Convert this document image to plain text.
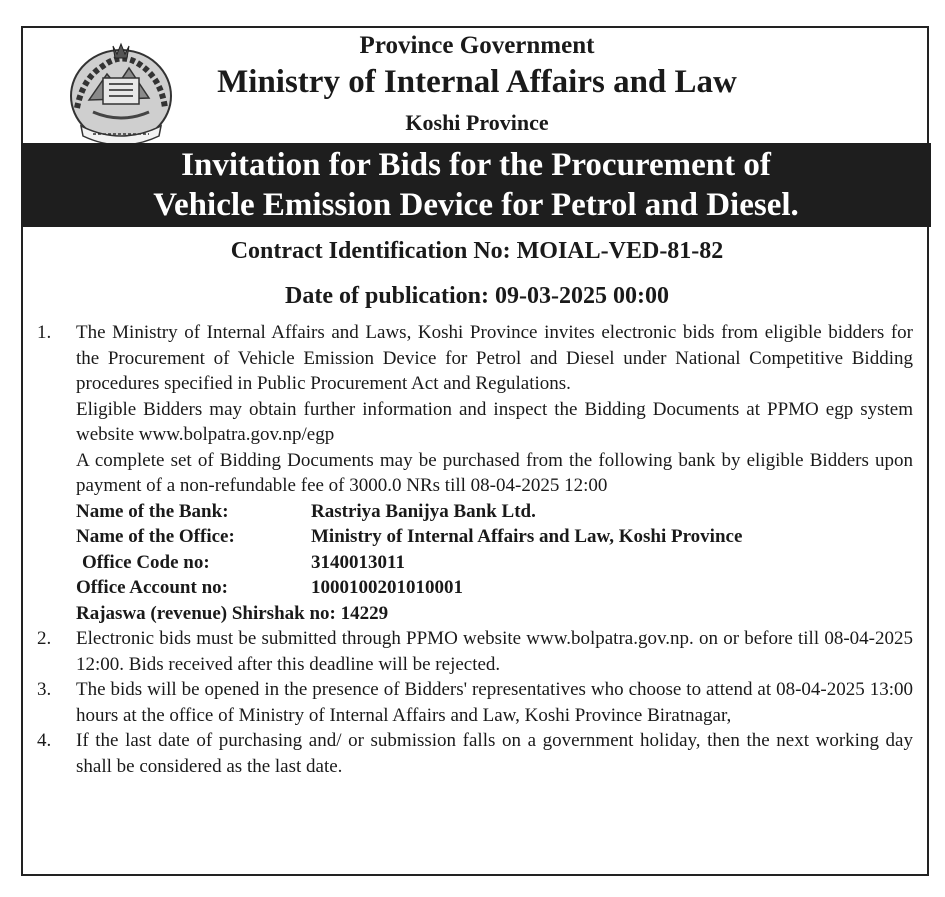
Province Government
Ministry of Internal Affairs and Law
Koshi Province
Invitation for Bids for the Procurement of
Vehicle Emission Device for Petrol and Diesel.
Contract Identification No: MOIAL-VED-81-82
Date of publication: 09-03-2025 00:00
1. The Ministry of Internal Affairs and Laws, Koshi Province invites electronic bids from eligible bidders for the Procurement of Vehicle Emission Device for Petrol and Diesel under National Competitive Bidding procedures specified in Public Procurement Act and Regulations.
Eligible Bidders may obtain further information and inspect the Bidding Documents at PPMO egp system website www.bolpatra.gov.np/egp
A complete set of Bidding Documents may be purchased from the following bank by eligible Bidders upon payment of a non-refundable fee of 3000.0 NRs till 08-04-2025 12:00
Name of the Bank:	Rastriya Banijya Bank Ltd.
Name of the Office:	Ministry of Internal Affairs and Law, Koshi Province
Office Code no:	3140013011
Office Account no:	1000100201010001
Rajaswa (revenue) Shirshak no: 14229
2. Electronic bids must be submitted through PPMO website www.bolpatra.gov.np. on or before till 08-04-2025 12:00. Bids received after this deadline will be rejected.
3. The bids will be opened in the presence of Bidders' representatives who choose to attend at 08-04-2025 13:00 hours at the office of Ministry of Internal Affairs and Law, Koshi Province Biratnagar,
4. If the last date of purchasing and/ or submission falls on a government holiday, then the next working day shall be considered as the last date.
